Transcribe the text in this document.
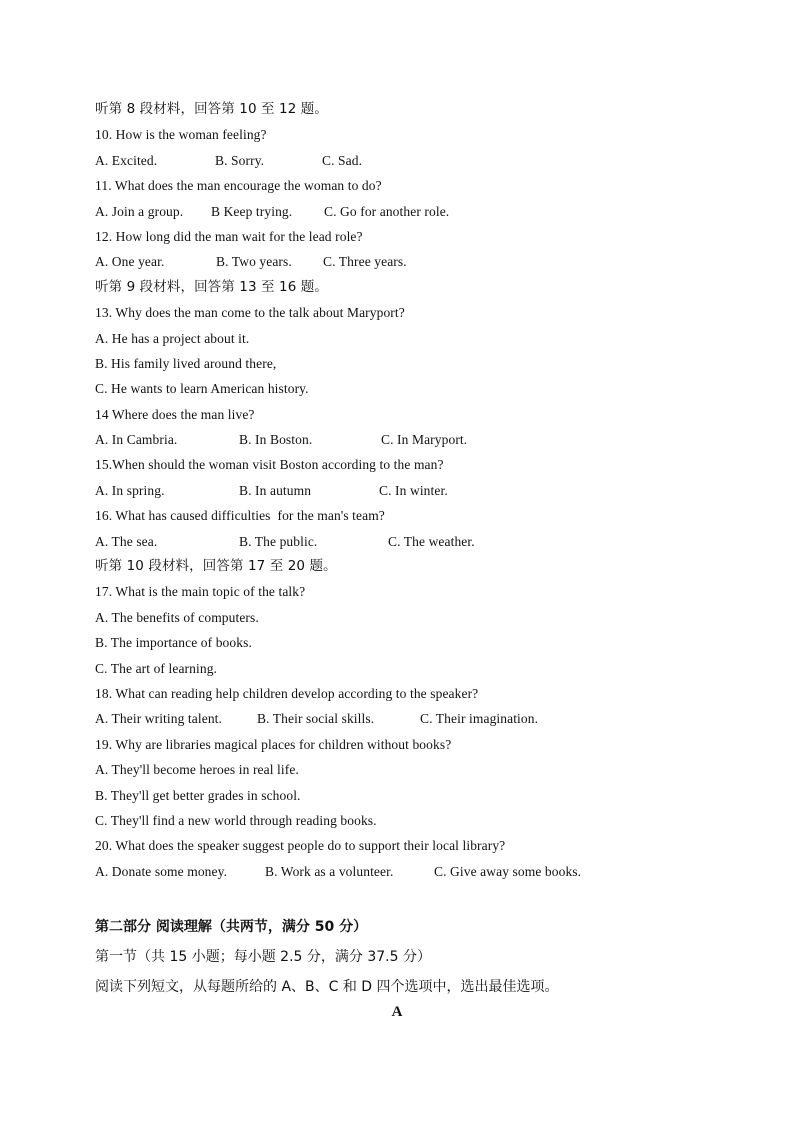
听第 8 段材料，回答第 10 至 12 题。
10. How is the woman feeling?
A. Excited.	B. Sorry.	C. Sad.
11. What does the man encourage the woman to do?
A. Join a group.	B Keep trying.	C. Go for another role.
12. How long did the man wait for the lead role?
A. One year.	B. Two years.	C. Three years.
听第 9 段材料，回答第 13 至 16 题。
13. Why does the man come to the talk about Maryport?
A. He has a project about it.
B. His family lived around there,
C. He wants to learn American history.
14 Where does the man live?
A. In Cambria.	B. In Boston.	C. In Maryport.
15.When should the woman visit Boston according to the man?
A. In spring.	B. In autumn	C. In winter.
16. What has caused difficulties  for the man's team?
A. The sea.	B. The public.	C. The weather.
听第 10 段材料，回答第 17 至 20 题。
17. What is the main topic of the talk?
A. The benefits of computers.
B. The importance of books.
C. The art of learning.
18. What can reading help children develop according to the speaker?
A. Their writing talent.	B. Their social skills.	C. Their imagination.
19. Why are libraries magical places for children without books?
A. They'll become heroes in real life.
B. They'll get better grades in school.
C. They'll find a new world through reading books.
20. What does the speaker suggest people do to support their local library?
A. Donate some money.	B. Work as a volunteer.	C. Give away some books.
第二部分 阅读理解（共两节，满分 50 分）
第一节（共 15 小题；每小题 2.5 分，满分 37.5 分）
阅读下列短文，从每题所给的 A、B、C 和 D 四个选项中，选出最佳选项。
A
